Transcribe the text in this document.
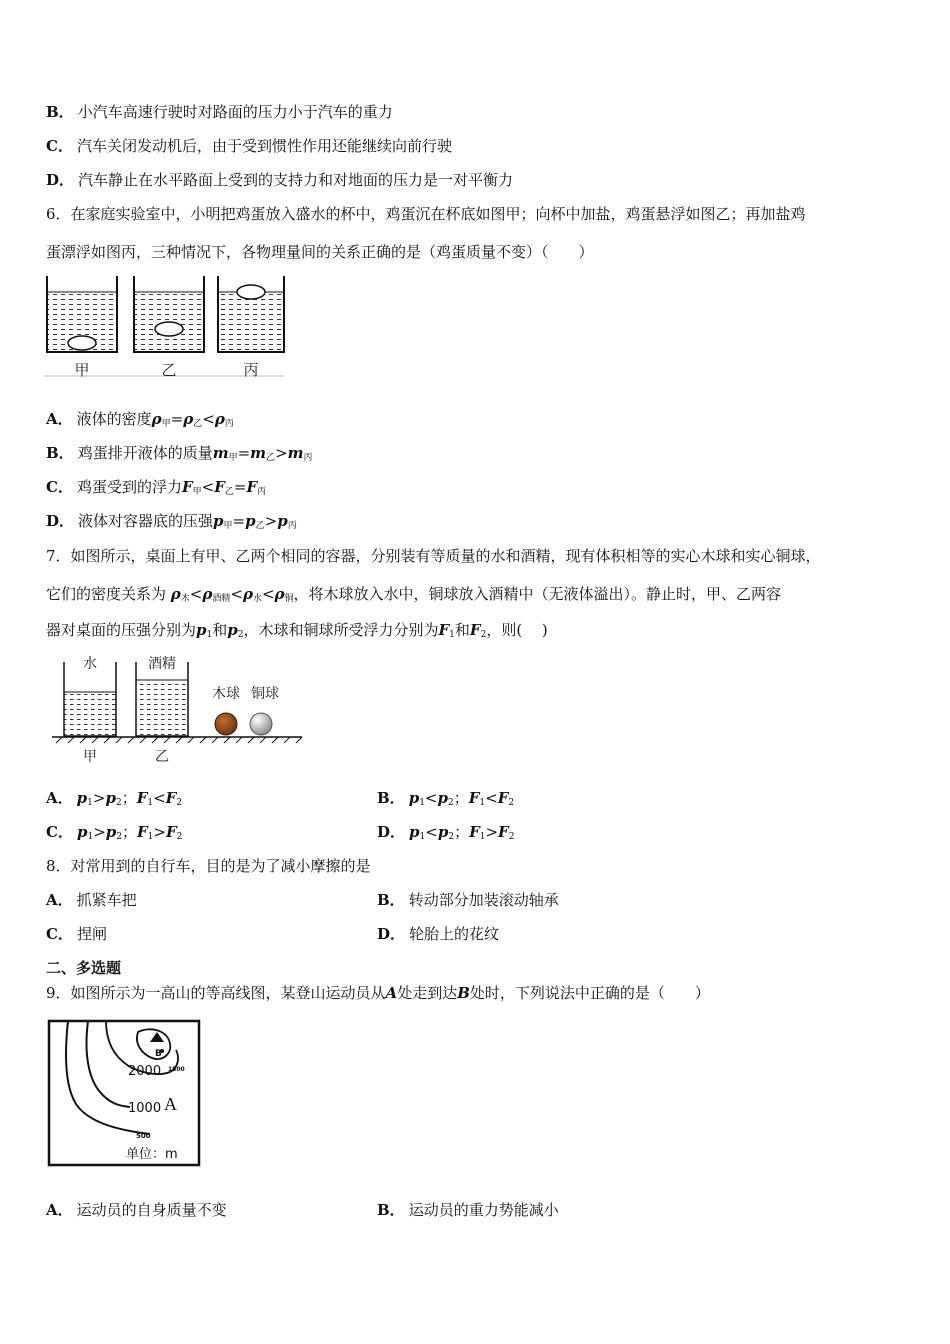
B． 小汽车高速行驶时对路面的压力小于汽车的重力
C． 汽车关闭发动机后，由于受到惯性作用还能继续向前行驶
D． 汽车静止在水平路面上受到的支持力和对地面的压力是一对平衡力
6．在家庭实验室中，小明把鸡蛋放入盛水的杯中，鸡蛋沉在杯底如图甲；向杯中加盐，鸡蛋悬浮如图乙；再加盐鸡
蛋漂浮如图丙，三种情况下，各物理量间的关系正确的是（鸡蛋质量不变）（　　）
甲	乙	丙
A． 液体的密度$\rho_甲=\rho_乙<\rho_丙$
B． 鸡蛋排开液体的质量$m_甲=m_乙>m_丙$
C． 鸡蛋受到的浮力$F_甲<F_乙=F_丙$
D． 液体对容器底的压强$p_甲=p_乙>p_丙$
7．如图所示，桌面上有甲、乙两个相同的容器，分别装有等质量的水和酒精，现有体积相等的实心木球和实心铜球，
它们的密度关系为 $\rho_木<\rho_{酒精}<\rho_水<\rho_铜$，将木球放入水中，铜球放入酒精中（无液体溢出）。静止时，甲、乙两容
器对桌面的压强分别为$p_1$和$p_2$，木球和铜球所受浮力分别为$F_1$和$F_2$，则(　 )
水	酒精
木球 铜球
甲	乙
A． $p_1>p_2$；$F_1<F_2$	B． $p_1<p_2$；$F_1<F_2$
C． $p_1>p_2$；$F_1>F_2$	D． $p_1<p_2$；$F_1>F_2$
8．对常用到的自行车，目的是为了减小摩擦的是
A． 抓紧车把	B． 转动部分加装滚动轴承
C． 捏闸	D． 轮胎上的花纹
二、多选题
9．如图所示为一高山的等高线图，某登山运动员从A处走到达B处时，下列说法中正确的是（　　）
B
2000 1500
1000 A
500
单位：m
A． 运动员的自身质量不变	B． 运动员的重力势能减小
